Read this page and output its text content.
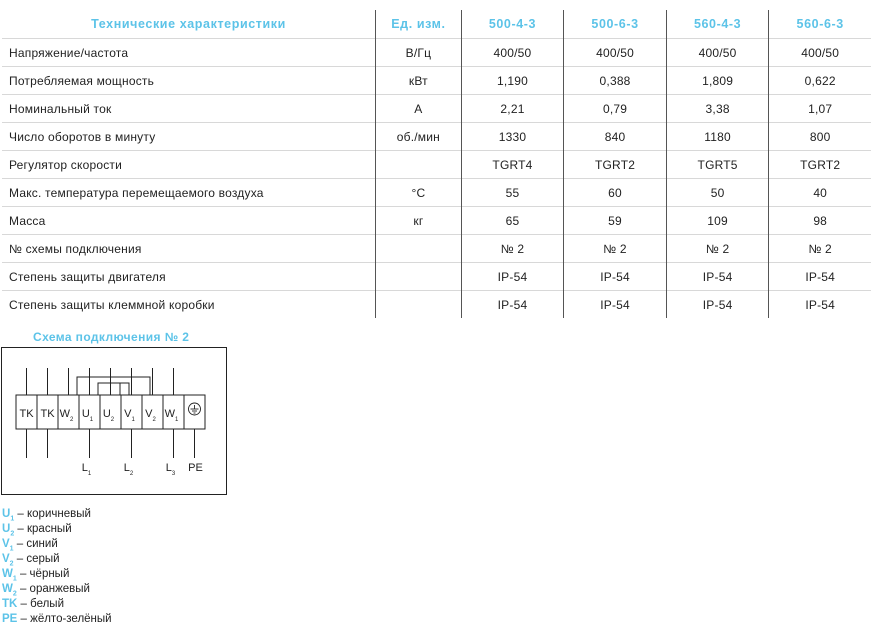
Технические характеристики	Ед. изм.	500-4-3	500-6-3	560-4-3	560-6-3
Напряжение/частота	В/Гц	400/50	400/50	400/50	400/50
Потребляемая мощность	кВт	1,190	0,388	1,809	0,622
Номинальный ток	А	2,21	0,79	3,38	1,07
Число оборотов в минуту	об./мин	1330	840	1180	800
Регулятор скорости		TGRT4	TGRT2	TGRT5	TGRT2
Макс. температура перемещаемого воздуха	°С	55	60	50	40
Масса	кг	65	59	109	98
№ схемы подключения		№ 2	№ 2	№ 2	№ 2
Степень защиты двигателя		IP-54	IP-54	IP-54	IP-54
Степень защиты клеммной коробки		IP-54	IP-54	IP-54	IP-54
Схема подключения № 2
TK TK $W_2$ $U_1$ $U_2$ $V_1$ $V_2$ $W_1$
$L_1$	$L_2$	$L_3$ PE
$U_1$ – коричневый
$U_2$ – красный
$V_1$ – синий
$V_2$ – серый
$W_1$ – чёрный
$W_2$ – оранжевый
TK – белый
PE – жёлто-зелёный
